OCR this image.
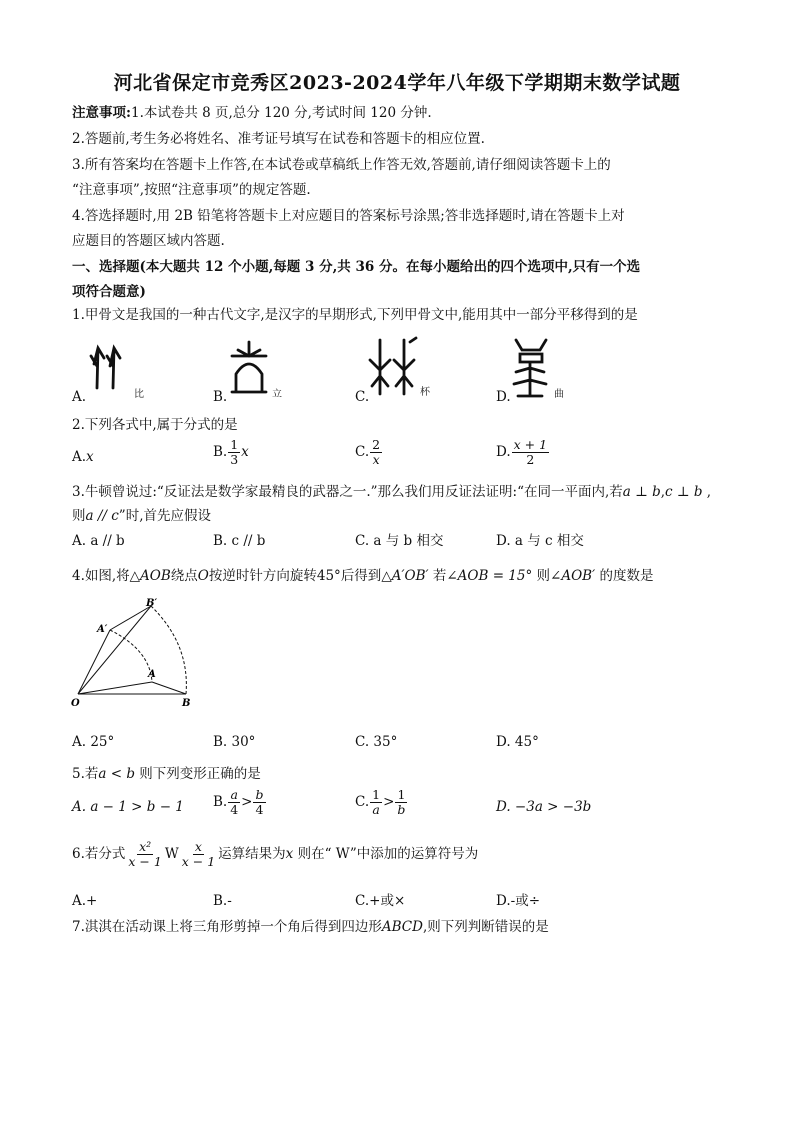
河北省保定市竞秀区2023-2024学年八年级下学期期末数学试题
注意事项:1.本试卷共 8 页,总分 120 分,考试时间 120 分钟.
2.答题前,考生务必将姓名、准考证号填写在试卷和答题卡的相应位置.
3.所有答案均在答题卡上作答,在本试卷或草稿纸上作答无效,答题前,请仔细阅读答题卡上的
“注意事项”,按照“注意事项”的规定答题.
4.答选择题时,用 2B 铅笔将答题卡上对应题目的答案标号涂黑;答非选择题时,请在答题卡上对
应题目的答题区域内答题.
一、选择题(本大题共 12 个小题,每题 3 分,共 36 分。在每小题给出的四个选项中,只有一个选
项符合题意)
1.甲骨文是我国的一种古代文字,是汉字的早期形式,下列甲骨文中,能用其中一部分平移得到的是
A.	比	B.	立	C.	杯	D.	曲
2.下列各式中,属于分式的是
A.x	B. $\frac{1}{3}$ x	C. $\frac{2}{x}$	D. $\frac{x + 1}{2}$
3.牛顿曾说过:“反证法是数学家最精良的武器之一.”那么我们用反证法证明:“在同一平面内,若a ⊥ b,c ⊥ b ,
则a // c”时,首先应假设
A. a // b	B. c // b	C. a 与 b 相交	D. a 与 c 相交
4.如图,将△AOB绕点O按逆时针方向旋转45°后得到△A′OB′ 若∠AOB = 15° 则∠AOB′ 的度数是
B′
A′
A
O	B
A. 25°	B. 30°	C. 35°	D. 45°
5.若a < b 则下列变形正确的是
A. a − 1 > b − 1 B. $\frac{a}{4} > \frac{b}{4}$	C. $\frac{1}{a} > \frac{1}{b}$	D. −3a > −3b
6.若分式 $\frac{\text{x²}}{x - 1}$ W $\frac{x}{x - 1}$ 运算结果为x 则在“ W”中添加的运算符号为
A.+	B.-	C.+或×	D.-或÷
7.淇淇在活动课上将三角形剪掉一个角后得到四边形ABCD,则下列判断错误的是
